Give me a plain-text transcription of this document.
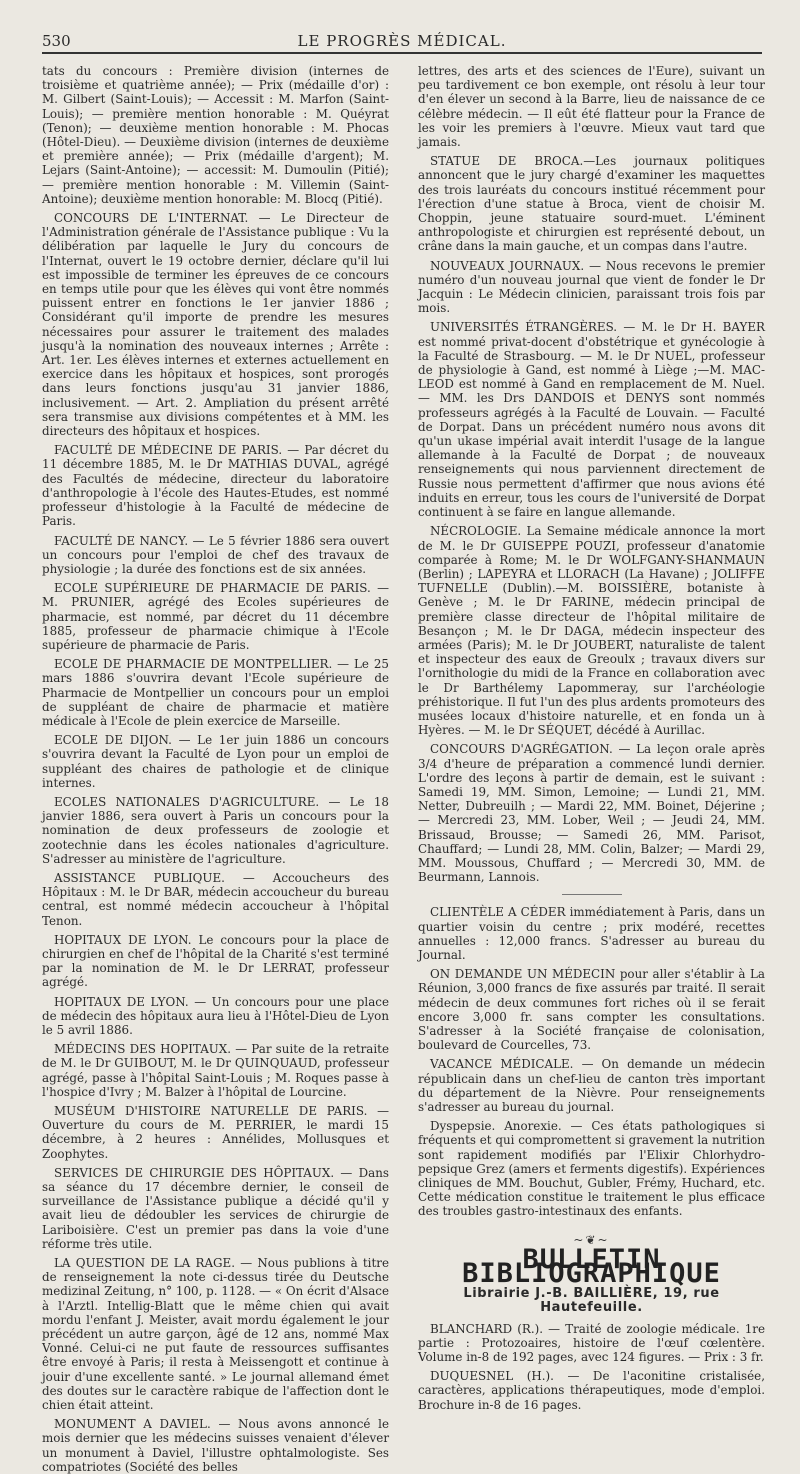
530	LE PROGRÈS MÉDICAL.

tats du concours : Première division (internes de troisième et quatrième année); — Prix (médaille d'or) : M. Gilbert (Saint-Louis); — Accessit : M. Marfon (Saint-Louis); — première mention honorable : M. Quéyrat (Tenon); — deuxième mention honorable : M. Phocas (Hôtel-Dieu). — Deuxième division (internes de deuxième et première année); — Prix (médaille d'argent); M. Lejars (Saint-Antoine); — accessit: M. Dumoulin (Pitié); — première mention honorable : M. Villemin (Saint-Antoine); deuxième mention honorable: M. Blocq (Pitié).

CONCOURS DE L'INTERNAT. — Le Directeur de l'Administration générale de l'Assistance publique : Vu la délibération par laquelle le Jury du concours de l'Internat, ouvert le 19 octobre dernier, déclare qu'il lui est impossible de terminer les épreuves de ce concours en temps utile pour que les élèves qui vont être nommés puissent entrer en fonctions le 1er janvier 1886 ; Considérant qu'il importe de prendre les mesures nécessaires pour assurer le traitement des malades jusqu'à la nomination des nouveaux internes ; Arrête : Art. 1er. Les élèves internes et externes actuellement en exercice dans les hôpitaux et hospices, sont prorogés dans leurs fonctions jusqu'au 31 janvier 1886, inclusivement. — Art. 2. Ampliation du présent arrêté sera transmise aux divisions compétentes et à MM. les directeurs des hôpitaux et hospices.

FACULTÉ DE MÉDECINE DE PARIS. — Par décret du 11 décembre 1885, M. le Dr MATHIAS DUVAL, agrégé des Facultés de médecine, directeur du laboratoire d'anthropologie à l'école des Hautes-Etudes, est nommé professeur d'histologie à la Faculté de médecine de Paris.

FACULTÉ DE NANCY. — Le 5 février 1886 sera ouvert un concours pour l'emploi de chef des travaux de physiologie ; la durée des fonctions est de six années.

ECOLE SUPÉRIEURE DE PHARMACIE DE PARIS. — M. PRUNIER, agrégé des Ecoles supérieures de pharmacie, est nommé, par décret du 11 décembre 1885, professeur de pharmacie chimique à l'Ecole supérieure de pharmacie de Paris.

ECOLE DE PHARMACIE DE MONTPELLIER. — Le 25 mars 1886 s'ouvrira devant l'Ecole supérieure de Pharmacie de Montpellier un concours pour un emploi de suppléant de chaire de pharmacie et matière médicale à l'Ecole de plein exercice de Marseille.

ECOLE DE DIJON. — Le 1er juin 1886 un concours s'ouvrira devant la Faculté de Lyon pour un emploi de suppléant des chaires de pathologie et de clinique internes.

ECOLES NATIONALES D'AGRICULTURE. — Le 18 janvier 1886, sera ouvert à Paris un concours pour la nomination de deux professeurs de zoologie et zootechnie dans les écoles nationales d'agriculture. S'adresser au ministère de l'agriculture.

ASSISTANCE PUBLIQUE. — Accoucheurs des Hôpitaux : M. le Dr BAR, médecin accoucheur du bureau central, est nommé médecin accoucheur à l'hôpital Tenon.

HOPITAUX DE LYON. Le concours pour la place de chirurgien en chef de l'hôpital de la Charité s'est terminé par la nomination de M. le Dr LERRAT, professeur agrégé.

HOPITAUX DE LYON. — Un concours pour une place de médecin des hôpitaux aura lieu à l'Hôtel-Dieu de Lyon le 5 avril 1886.

MÉDECINS DES HOPITAUX. — Par suite de la retraite de M. le Dr GUIBOUT, M. le Dr QUINQUAUD, professeur agrégé, passe à l'hôpital Saint-Louis ; M. Roques passe à l'hospice d'Ivry ; M. Balzer à l'hôpital de Lourcine.

MUSÉUM D'HISTOIRE NATURELLE DE PARIS. — Ouverture du cours de M. PERRIER, le mardi 15 décembre, à 2 heures : Annélides, Mollusques et Zoophytes.

SERVICES DE CHIRURGIE DES HÔPITAUX. — Dans sa séance du 17 décembre dernier, le conseil de surveillance de l'Assistance publique a décidé qu'il y avait lieu de dédoubler les services de chirurgie de Lariboisière. C'est un premier pas dans la voie d'une réforme très utile.

LA QUESTION DE LA RAGE. — Nous publions à titre de renseignement la note ci-dessus tirée du Deutsche medizinal Zeitung, n° 100, p. 1128. — « On écrit d'Alsace à l'Arztl. Intellig-Blatt que le même chien qui avait mordu l'enfant J. Meister, avait mordu également le jour précédent un autre garçon, âgé de 12 ans, nommé Max Vonné. Celui-ci ne put faute de ressources suffisantes être envoyé à Paris; il resta à Meissengott et continue à jouir d'une excellente santé. » Le journal allemand émet des doutes sur le caractère rabique de l'affection dont le chien était atteint.

MONUMENT A DAVIEL. — Nous avons annoncé le mois dernier que les médecins suisses venaient d'élever un monument à Daviel, l'illustre ophtalmologiste. Ses compatriotes (Société des belles

lettres, des arts et des sciences de l'Eure), suivant un peu tardivement ce bon exemple, ont résolu à leur tour d'en élever un second à la Barre, lieu de naissance de ce célèbre médecin. — Il eût été flatteur pour la France de les voir les premiers à l'œuvre. Mieux vaut tard que jamais.

STATUE DE BROCA.—Les journaux politiques annoncent que le jury chargé d'examiner les maquettes des trois lauréats du concours institué récemment pour l'érection d'une statue à Broca, vient de choisir M. Choppin, jeune statuaire sourd-muet. L'éminent anthropologiste et chirurgien est représenté debout, un crâne dans la main gauche, et un compas dans l'autre.

NOUVEAUX JOURNAUX. — Nous recevons le premier numéro d'un nouveau journal que vient de fonder le Dr Jacquin : Le Médecin clinicien, paraissant trois fois par mois.

UNIVERSITÉS ÉTRANGÈRES. — M. le Dr H. BAYER est nommé privat-docent d'obstétrique et gynécologie à la Faculté de Strasbourg. — M. le Dr NUEL, professeur de physiologie à Gand, est nommé à Liège ;—M. MAC-LEOD est nommé à Gand en remplacement de M. Nuel. — MM. les Drs DANDOIS et DENYS sont nommés professeurs agrégés à la Faculté de Louvain. — Faculté de Dorpat. Dans un précédent numéro nous avons dit qu'un ukase impérial avait interdit l'usage de la langue allemande à la Faculté de Dorpat ; de nouveaux renseignements qui nous parviennent directement de Russie nous permettent d'affirmer que nous avions été induits en erreur, tous les cours de l'université de Dorpat continuent à se faire en langue allemande.

NÉCROLOGIE. La Semaine médicale annonce la mort de M. le Dr GUISEPPE POUZI, professeur d'anatomie comparée à Rome; M. le Dr WOLFGANY-SHANMAUN (Berlin) ; LAPEYRA et LLORACH (La Havane) ; JOLIFFE TUFNELLE (Dublin).—M. BOISSIÈRE, botaniste à Genève ; M. le Dr FARINE, médecin principal de première classe directeur de l'hôpital militaire de Besançon ; M. le Dr DAGA, médecin inspecteur des armées (Paris); M. le Dr JOUBERT, naturaliste de talent et inspecteur des eaux de Greoulx ; travaux divers sur l'ornithologie du midi de la France en collaboration avec le Dr Barthélemy Lapommeray, sur l'archéologie préhistorique. Il fut l'un des plus ardents promoteurs des musées locaux d'histoire naturelle, et en fonda un à Hyères. — M. le Dr SÉQUET, décédé à Aurillac.

CONCOURS D'AGRÉGATION. — La leçon orale après 3/4 d'heure de préparation a commencé lundi dernier. L'ordre des leçons à partir de demain, est le suivant : Samedi 19, MM. Simon, Lemoine; — Lundi 21, MM. Netter, Dubreuilh ; — Mardi 22, MM. Boinet, Déjerine ; — Mercredi 23, MM. Lober, Weil ; — Jeudi 24, MM. Brissaud, Brousse; — Samedi 26, MM. Parisot, Chauffard; — Lundi 28, MM. Colin, Balzer; — Mardi 29, MM. Moussous, Chuffard ; — Mercredi 30, MM. de Beurmann, Lannois.

CLIENTÈLE A CÉDER immédiatement à Paris, dans un quartier voisin du centre ; prix modéré, recettes annuelles : 12,000 francs. S'adresser au bureau du Journal.

ON DEMANDE UN MÉDECIN pour aller s'établir à La Réunion, 3,000 francs de fixe assurés par traité. Il serait médecin de deux communes fort riches où il se ferait encore 3,000 fr. sans compter les consultations. S'adresser à la Société française de colonisation, boulevard de Courcelles, 73.

VACANCE MÉDICALE. — On demande un médecin républicain dans un chef-lieu de canton très important du département de la Nièvre. Pour renseignements s'adresser au bureau du journal.

Dyspepsie. Anorexie. — Ces états pathologiques si fréquents et qui compromettent si gravement la nutrition sont rapidement modifiés par l'Elixir Chlorhydro-pepsique Grez (amers et ferments digestifs). Expériences cliniques de MM. Bouchut, Gubler, Frémy, Huchard, etc. Cette médication constitue le traitement le plus efficace des troubles gastro-intestinaux des enfants.

~❦~
BULLETIN BIBLIOGRAPHIQUE
Librairie J.-B. BAILLIÈRE, 19, rue Hautefeuille.

BLANCHARD (R.). — Traité de zoologie médicale. 1re partie : Protozoaires, histoire de l'œuf cœlentère. Volume in-8 de 192 pages, avec 124 figures. — Prix : 3 fr.

DUQUESNEL (H.). — De l'aconitine cristalisée, caractères, applications thérapeutiques, mode d'emploi. Brochure in-8 de 16 pages.
